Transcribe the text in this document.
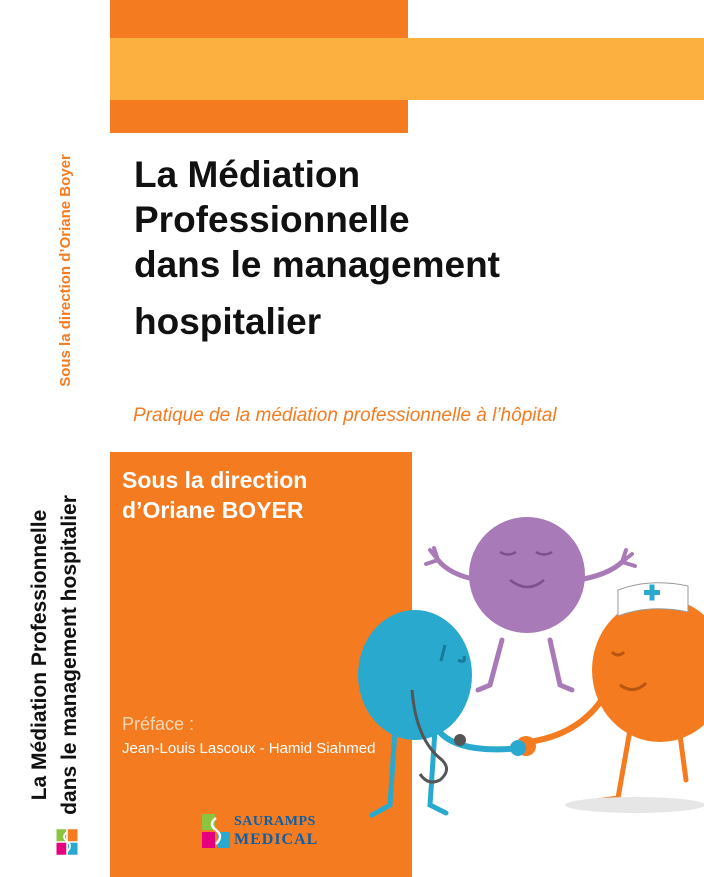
Sous la direction d’Oriane Boyer
La Médiation Professionnelle dans le management hospitalier
La Médiation
Professionnelle
dans le management
hospitalier
Pratique de la médiation professionnelle à l’hôpital
Sous la direction
d’Oriane BOYER
Préface :
Jean-Louis Lascoux - Hamid Siahmed
SAURAMPS
MEDICAL
